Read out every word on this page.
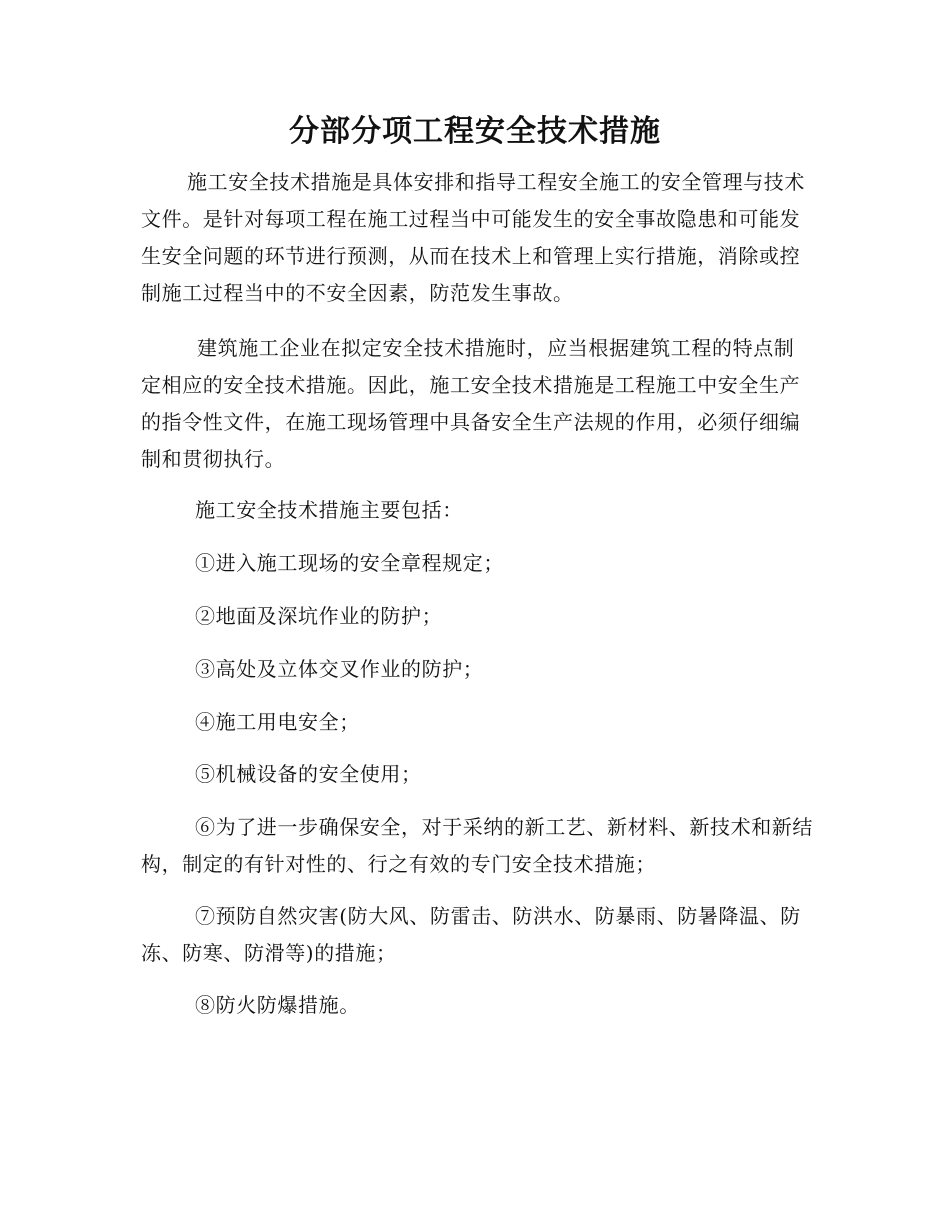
分部分项工程安全技术措施

施工安全技术措施是具体安排和指导工程安全施工的安全管理与技术文件。是针对每项工程在施工过程当中可能发生的安全事故隐患和可能发生安全问题的环节进行预测，从而在技术上和管理上实行措施，消除或控制施工过程当中的不安全因素，防范发生事故。

建筑施工企业在拟定安全技术措施时，应当根据建筑工程的特点制定相应的安全技术措施。因此，施工安全技术措施是工程施工中安全生产的指令性文件，在施工现场管理中具备安全生产法规的作用，必须仔细编制和贯彻执行。

施工安全技术措施主要包括：

①进入施工现场的安全章程规定；

②地面及深坑作业的防护；

③高处及立体交叉作业的防护；

④施工用电安全；

⑤机械设备的安全使用；

⑥为了进一步确保安全，对于采纳的新工艺、新材料、新技术和新结构，制定的有针对性的、行之有效的专门安全技术措施；

⑦预防自然灾害(防大风、防雷击、防洪水、防暴雨、防暑降温、防冻、防寒、防滑等)的措施；

⑧防火防爆措施。
